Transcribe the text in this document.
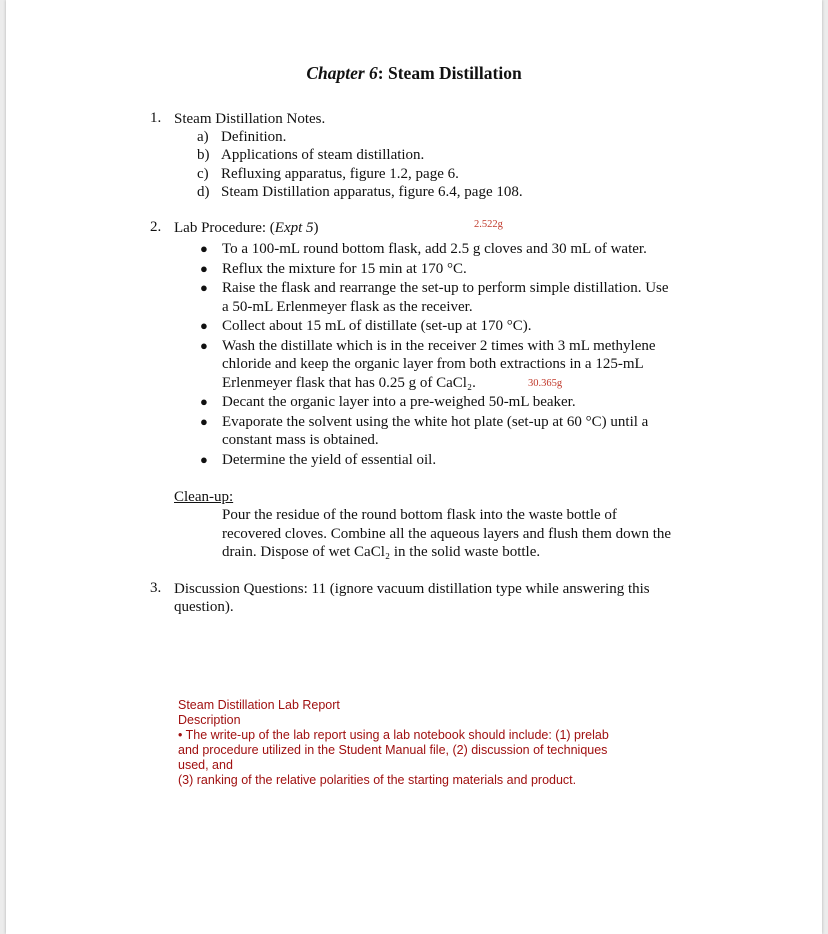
Chapter 6: Steam Distillation
1. Steam Distillation Notes.
a) Definition.
b) Applications of steam distillation.
c) Refluxing apparatus, figure 1.2, page 6.
d) Steam Distillation apparatus, figure 6.4, page 108.
2. Lab Procedure: (Expt 5)	2.522g
● To a 100-mL round bottom flask, add 2.5 g cloves and 30 mL of water.
● Reflux the mixture for 15 min at 170 °C.
● Raise the flask and rearrange the set-up to perform simple distillation. Use
a 50-mL Erlenmeyer flask as the receiver.
● Collect about 15 mL of distillate (set-up at 170 °C).
● Wash the distillate which is in the receiver 2 times with 3 mL methylene
chloride and keep the organic layer from both extractions in a 125-mL
Erlenmeyer flask that has 0.25 g of CaCl₂.	30.365g
● Decant the organic layer into a pre-weighed 50-mL beaker.
● Evaporate the solvent using the white hot plate (set-up at 60 °C) until a
constant mass is obtained.
● Determine the yield of essential oil.
Clean-up:
Pour the residue of the round bottom flask into the waste bottle of
recovered cloves. Combine all the aqueous layers and flush them down the
drain. Dispose of wet CaCl₂ in the solid waste bottle.
3. Discussion Questions: 11 (ignore vacuum distillation type while answering this
question).
Steam Distillation Lab Report
Description
• The write-up of the lab report using a lab notebook should include: (1) prelab and procedure utilized in the Student Manual file, (2) discussion of techniques used, and
(3) ranking of the relative polarities of the starting materials and product.
